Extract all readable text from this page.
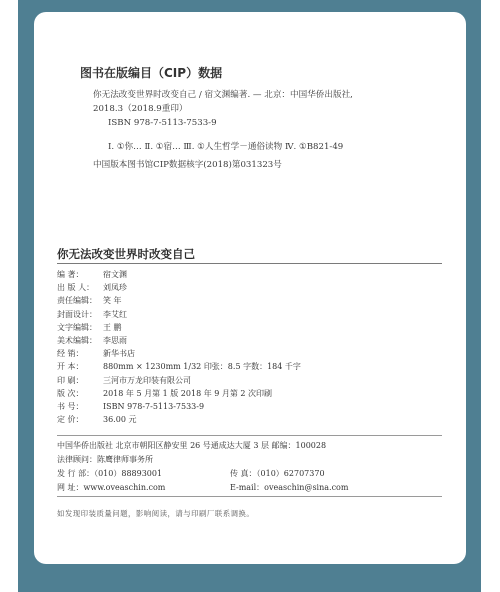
图书在版编目（CIP）数据
你无法改变世界时改变自己 / 宿文渊编著. — 北京：中国华侨出版社,
2018.3（2018.9重印）
ISBN 978-7-5113-7533-9
Ⅰ. ①你… Ⅱ. ①宿… Ⅲ. ①人生哲学－通俗读物 Ⅳ. ①B821-49
中国版本图书馆CIP数据核字(2018)第031323号
你无法改变世界时改变自己
编 著： 宿文渊
出 版 人： 刘凤珍
责任编辑： 笑 年
封面设计： 李艾红
文字编辑： 王 鹏
美术编辑： 李思雨
经 销： 新华书店
开 本： 880mm × 1230mm 1/32 印张：8.5 字数：184 千字
印 刷： 三河市万龙印装有限公司
版 次： 2018 年 5 月第 1 版 2018 年 9 月第 2 次印刷
书 号： ISBN 978-7-5113-7533-9
定 价： 36.00 元
中国华侨出版社 北京市朝阳区静安里 26 号通成达大厦 3 层 邮编：100028
法律顾问：陈鹰律师事务所
发 行 部：（010）88893001	传 真：（010）62707370
网 址：www.oveaschin.com	E-mail：oveaschin@sina.com
如发现印装质量问题，影响阅读，请与印刷厂联系调换。
